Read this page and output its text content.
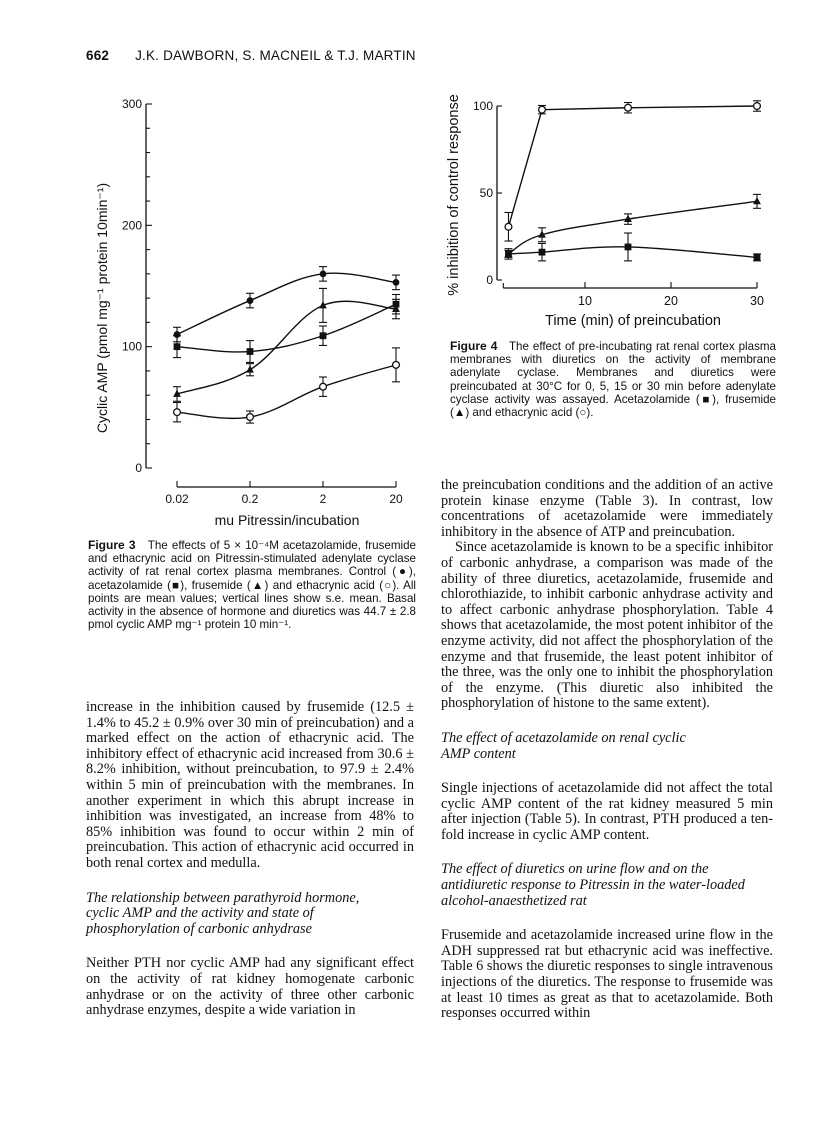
662 J.K. DAWBORN, S. MACNEIL & T.J. MARTIN
0
100
200
300
0.02	0.2	2	20
Cyclic AMP (pmol mg⁻¹ protein 10min⁻¹)
mu Pitressin/incubation
Figure 3 The effects of 5 × 10⁻⁴M acetazolamide, frusemide and ethacrynic acid on Pitressin-stimulated adenylate cyclase activity of rat renal cortex plasma membranes. Control (●), acetazolamide (■), frusemide (▲) and ethacrynic acid (○). All points are mean values; vertical lines show s.e. mean. Basal activity in the absence of hormone and diuretics was 44.7 ± 2.8 pmol cyclic AMP mg⁻¹ protein 10 min⁻¹.
0
50
100
10	20	30
% inhibition of control response
Time (min) of preincubation
Figure 4 The effect of pre-incubating rat renal cortex plasma membranes with diuretics on the activity of membrane adenylate cyclase. Membranes and diuretics were preincubated at 30°C for 0, 5, 15 or 30 min before adenylate cyclase activity was assayed. Acetazolamide (■), frusemide (▲) and ethacrynic acid (○).

increase in the inhibition caused by frusemide (12.5 ± 1.4% to 45.2 ± 0.9% over 30 min of preincubation) and a marked effect on the action of ethacrynic acid. The inhibitory effect of ethacrynic acid increased from 30.6 ± 8.2% inhibition, without preincubation, to 97.9 ± 2.4% within 5 min of preincubation with the membranes. In another experiment in which this abrupt increase in inhibition was investigated, an increase from 48% to 85% inhibition was found to occur within 2 min of preincubation. This action of ethacrynic acid occurred in both renal cortex and medulla.

The relationship between parathyroid hormone,
cyclic AMP and the activity and state of
phosphorylation of carbonic anhydrase

Neither PTH nor cyclic AMP had any significant effect on the activity of rat kidney homogenate carbonic anhydrase or on the activity of three other carbonic anhydrase enzymes, despite a wide variation in

the preincubation conditions and the addition of an active protein kinase enzyme (Table 3). In contrast, low concentrations of acetazolamide were immediately inhibitory in the absence of ATP and preincubation.

Since acetazolamide is known to be a specific inhibitor of carbonic anhydrase, a comparison was made of the ability of three diuretics, acetazolamide, frusemide and chlorothiazide, to inhibit carbonic anhydrase activity and to affect carbonic anhydrase phosphorylation. Table 4 shows that acetazolamide, the most potent inhibitor of the enzyme activity, did not affect the phosphorylation of the enzyme and that frusemide, the least potent inhibitor of the three, was the only one to inhibit the phosphorylation of the enzyme. (This diuretic also inhibited the phosphorylation of histone to the same extent).

The effect of acetazolamide on renal cyclic
AMP content

Single injections of acetazolamide did not affect the total cyclic AMP content of the rat kidney measured 5 min after injection (Table 5). In contrast, PTH produced a ten-fold increase in cyclic AMP content.

The effect of diuretics on urine flow and on the
antidiuretic response to Pitressin in the water-loaded
alcohol-anaesthetized rat

Frusemide and acetazolamide increased urine flow in the ADH suppressed rat but ethacrynic acid was ineffective. Table 6 shows the diuretic responses to single intravenous injections of the diuretics. The response to frusemide was at least 10 times as great as that to acetazolamide. Both responses occurred within
